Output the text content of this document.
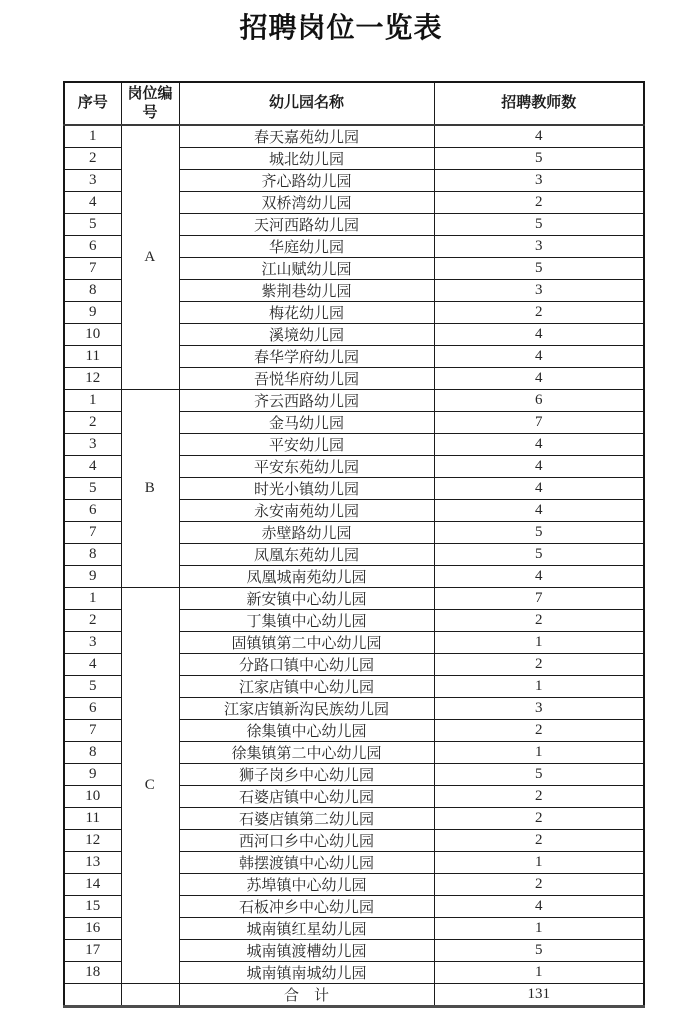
招聘岗位一览表
序号	岗位编号	幼儿园名称	招聘教师数
1	A	春天嘉苑幼儿园	4
2		城北幼儿园	5
3		齐心路幼儿园	3
4		双桥湾幼儿园	2
5		天河西路幼儿园	5
6		华庭幼儿园	3
7		江山赋幼儿园	5
8		紫荆巷幼儿园	3
9		梅花幼儿园	2
10		溪境幼儿园	4
11		春华学府幼儿园	4
12		吾悦华府幼儿园	4
1	B	齐云西路幼儿园	6
2		金马幼儿园	7
3		平安幼儿园	4
4		平安东苑幼儿园	4
5		时光小镇幼儿园	4
6		永安南苑幼儿园	4
7		赤壁路幼儿园	5
8		凤凰东苑幼儿园	5
9		凤凰城南苑幼儿园	4
1	C	新安镇中心幼儿园	7
2		丁集镇中心幼儿园	2
3		固镇镇第二中心幼儿园	1
4		分路口镇中心幼儿园	2
5		江家店镇中心幼儿园	1
6		江家店镇新沟民族幼儿园	3
7		徐集镇中心幼儿园	2
8		徐集镇第二中心幼儿园	1
9		狮子岗乡中心幼儿园	5
10		石婆店镇中心幼儿园	2
11		石婆店镇第二幼儿园	2
12		西河口乡中心幼儿园	2
13		韩摆渡镇中心幼儿园	1
14		苏埠镇中心幼儿园	2
15		石板冲乡中心幼儿园	4
16		城南镇红星幼儿园	1
17		城南镇渡槽幼儿园	5
18		城南镇南城幼儿园	1
		合　计	131
